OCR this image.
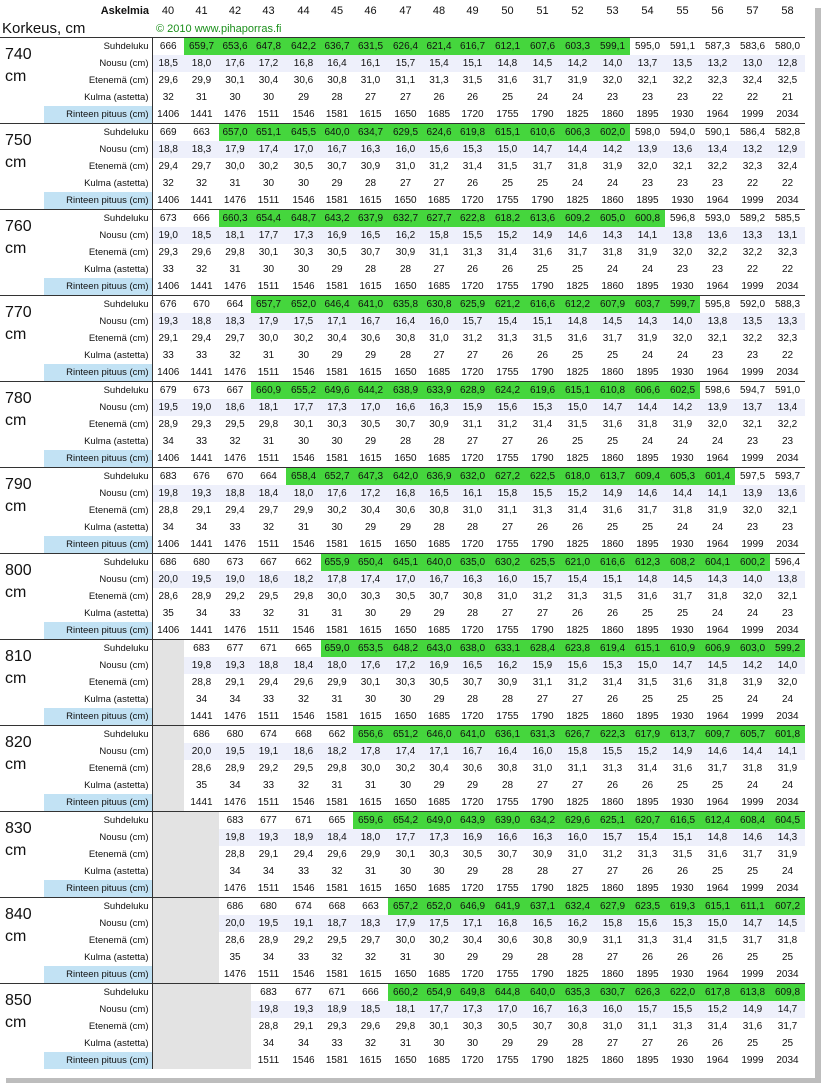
Askelmia		40	41	42	43	44	45	46	47	48	49	50	51	52	53	54	55	56	57	58
Korkeus, cm		© 2010 www.pihaporras.fi																		

740
cm	Suhdeluku	666	659,7	653,6	647,8	642,2	636,7	631,5	626,4	621,4	616,7	612,1	607,6	603,3	599,1	595,0	591,1	587,3	583,6	580,0
	Nousu (cm)	18,5	18,0	17,6	17,2	16,8	16,4	16,1	15,7	15,4	15,1	14,8	14,5	14,2	14,0	13,7	13,5	13,2	13,0	12,8
	Etenemä (cm)	29,6	29,9	30,1	30,4	30,6	30,8	31,0	31,1	31,3	31,5	31,6	31,7	31,9	32,0	32,1	32,2	32,3	32,4	32,5
	Kulma (astetta)	32	31	30	30	29	28	27	27	26	26	25	24	24	23	23	23	22	22	21
	Rinteen pituus (cm)	1406	1441	1476	1511	1546	1581	1615	1650	1685	1720	1755	1790	1825	1860	1895	1930	1964	1999	2034

750
cm	Suhdeluku	669	663	657,0	651,1	645,5	640,0	634,7	629,5	624,6	619,8	615,1	610,6	606,3	602,0	598,0	594,0	590,1	586,4	582,8
	Nousu (cm)	18,8	18,3	17,9	17,4	17,0	16,7	16,3	16,0	15,6	15,3	15,0	14,7	14,4	14,2	13,9	13,6	13,4	13,2	12,9
	Etenemä (cm)	29,4	29,7	30,0	30,2	30,5	30,7	30,9	31,0	31,2	31,4	31,5	31,7	31,8	31,9	32,0	32,1	32,2	32,3	32,4
	Kulma (astetta)	32	32	31	30	30	29	28	27	27	26	25	25	24	24	23	23	23	22	22
	Rinteen pituus (cm)	1406	1441	1476	1511	1546	1581	1615	1650	1685	1720	1755	1790	1825	1860	1895	1930	1964	1999	2034

760
cm	Suhdeluku	673	666	660,3	654,4	648,7	643,2	637,9	632,7	627,7	622,8	618,2	613,6	609,2	605,0	600,8	596,8	593,0	589,2	585,5
	Nousu (cm)	19,0	18,5	18,1	17,7	17,3	16,9	16,5	16,2	15,8	15,5	15,2	14,9	14,6	14,3	14,1	13,8	13,6	13,3	13,1
	Etenemä (cm)	29,3	29,6	29,8	30,1	30,3	30,5	30,7	30,9	31,1	31,3	31,4	31,6	31,7	31,8	31,9	32,0	32,2	32,2	32,3
	Kulma (astetta)	33	32	31	30	30	29	28	28	27	26	26	25	25	24	24	23	23	22	22
	Rinteen pituus (cm)	1406	1441	1476	1511	1546	1581	1615	1650	1685	1720	1755	1790	1825	1860	1895	1930	1964	1999	2034

770
cm	Suhdeluku	676	670	664	657,7	652,0	646,4	641,0	635,8	630,8	625,9	621,2	616,6	612,2	607,9	603,7	599,7	595,8	592,0	588,3
	Nousu (cm)	19,3	18,8	18,3	17,9	17,5	17,1	16,7	16,4	16,0	15,7	15,4	15,1	14,8	14,5	14,3	14,0	13,8	13,5	13,3
	Etenemä (cm)	29,1	29,4	29,7	30,0	30,2	30,4	30,6	30,8	31,0	31,2	31,3	31,5	31,6	31,7	31,9	32,0	32,1	32,2	32,3
	Kulma (astetta)	33	33	32	31	30	29	29	28	27	27	26	26	25	25	24	24	23	23	22
	Rinteen pituus (cm)	1406	1441	1476	1511	1546	1581	1615	1650	1685	1720	1755	1790	1825	1860	1895	1930	1964	1999	2034

780
cm	Suhdeluku	679	673	667	660,9	655,2	649,6	644,2	638,9	633,9	628,9	624,2	619,6	615,1	610,8	606,6	602,5	598,6	594,7	591,0
	Nousu (cm)	19,5	19,0	18,6	18,1	17,7	17,3	17,0	16,6	16,3	15,9	15,6	15,3	15,0	14,7	14,4	14,2	13,9	13,7	13,4
	Etenemä (cm)	28,9	29,3	29,5	29,8	30,1	30,3	30,5	30,7	30,9	31,1	31,2	31,4	31,5	31,6	31,8	31,9	32,0	32,1	32,2
	Kulma (astetta)	34	33	32	31	30	30	29	28	28	27	27	26	25	25	24	24	24	23	23
	Rinteen pituus (cm)	1406	1441	1476	1511	1546	1581	1615	1650	1685	1720	1755	1790	1825	1860	1895	1930	1964	1999	2034

790
cm	Suhdeluku	683	676	670	664	658,4	652,7	647,3	642,0	636,9	632,0	627,2	622,5	618,0	613,7	609,4	605,3	601,4	597,5	593,7
	Nousu (cm)	19,8	19,3	18,8	18,4	18,0	17,6	17,2	16,8	16,5	16,1	15,8	15,5	15,2	14,9	14,6	14,4	14,1	13,9	13,6
	Etenemä (cm)	28,8	29,1	29,4	29,7	29,9	30,2	30,4	30,6	30,8	31,0	31,1	31,3	31,4	31,6	31,7	31,8	31,9	32,0	32,1
	Kulma (astetta)	34	34	33	32	31	30	29	29	28	28	27	26	26	25	25	24	24	23	23
	Rinteen pituus (cm)	1406	1441	1476	1511	1546	1581	1615	1650	1685	1720	1755	1790	1825	1860	1895	1930	1964	1999	2034

800
cm	Suhdeluku	686	680	673	667	662	655,9	650,4	645,1	640,0	635,0	630,2	625,5	621,0	616,6	612,3	608,2	604,1	600,2	596,4
	Nousu (cm)	20,0	19,5	19,0	18,6	18,2	17,8	17,4	17,0	16,7	16,3	16,0	15,7	15,4	15,1	14,8	14,5	14,3	14,0	13,8
	Etenemä (cm)	28,6	28,9	29,2	29,5	29,8	30,0	30,3	30,5	30,7	30,8	31,0	31,2	31,3	31,5	31,6	31,7	31,8	32,0	32,1
	Kulma (astetta)	35	34	33	32	31	31	30	29	29	28	27	27	26	26	25	25	24	24	23
	Rinteen pituus (cm)	1406	1441	1476	1511	1546	1581	1615	1650	1685	1720	1755	1790	1825	1860	1895	1930	1964	1999	2034

810
cm	Suhdeluku		683	677	671	665	659,0	653,5	648,2	643,0	638,0	633,1	628,4	623,8	619,4	615,1	610,9	606,9	603,0	599,2
	Nousu (cm)		19,8	19,3	18,8	18,4	18,0	17,6	17,2	16,9	16,5	16,2	15,9	15,6	15,3	15,0	14,7	14,5	14,2	14,0
	Etenemä (cm)		28,8	29,1	29,4	29,6	29,9	30,1	30,3	30,5	30,7	30,9	31,1	31,2	31,4	31,5	31,6	31,8	31,9	32,0
	Kulma (astetta)		34	34	33	32	31	30	30	29	28	28	27	27	26	25	25	25	24	24
	Rinteen pituus (cm)		1441	1476	1511	1546	1581	1615	1650	1685	1720	1755	1790	1825	1860	1895	1930	1964	1999	2034

820
cm	Suhdeluku		686	680	674	668	662	656,6	651,2	646,0	641,0	636,1	631,3	626,7	622,3	617,9	613,7	609,7	605,7	601,8
	Nousu (cm)		20,0	19,5	19,1	18,6	18,2	17,8	17,4	17,1	16,7	16,4	16,0	15,8	15,5	15,2	14,9	14,6	14,4	14,1
	Etenemä (cm)		28,6	28,9	29,2	29,5	29,8	30,0	30,2	30,4	30,6	30,8	31,0	31,1	31,3	31,4	31,6	31,7	31,8	31,9
	Kulma (astetta)		35	34	33	32	31	31	30	29	29	28	27	27	26	26	25	25	24	24
	Rinteen pituus (cm)		1441	1476	1511	1546	1581	1615	1650	1685	1720	1755	1790	1825	1860	1895	1930	1964	1999	2034

830
cm	Suhdeluku			683	677	671	665	659,6	654,2	649,0	643,9	639,0	634,2	629,6	625,1	620,7	616,5	612,4	608,4	604,5
	Nousu (cm)			19,8	19,3	18,9	18,4	18,0	17,7	17,3	16,9	16,6	16,3	16,0	15,7	15,4	15,1	14,8	14,6	14,3
	Etenemä (cm)			28,8	29,1	29,4	29,6	29,9	30,1	30,3	30,5	30,7	30,9	31,0	31,2	31,3	31,5	31,6	31,7	31,9
	Kulma (astetta)			34	34	33	32	31	30	30	29	28	28	27	27	26	26	25	25	24
	Rinteen pituus (cm)			1476	1511	1546	1581	1615	1650	1685	1720	1755	1790	1825	1860	1895	1930	1964	1999	2034

840
cm	Suhdeluku			686	680	674	668	663	657,2	652,0	646,9	641,9	637,1	632,4	627,9	623,5	619,3	615,1	611,1	607,2
	Nousu (cm)			20,0	19,5	19,1	18,7	18,3	17,9	17,5	17,1	16,8	16,5	16,2	15,8	15,6	15,3	15,0	14,7	14,5
	Etenemä (cm)			28,6	28,9	29,2	29,5	29,7	30,0	30,2	30,4	30,6	30,8	30,9	31,1	31,3	31,4	31,5	31,7	31,8
	Kulma (astetta)			35	34	33	32	32	31	30	29	29	28	28	27	26	26	26	25	25
	Rinteen pituus (cm)			1476	1511	1546	1581	1615	1650	1685	1720	1755	1790	1825	1860	1895	1930	1964	1999	2034

850
cm	Suhdeluku				683	677	671	666	660,2	654,9	649,8	644,8	640,0	635,3	630,7	626,3	622,0	617,8	613,8	609,8
	Nousu (cm)				19,8	19,3	18,9	18,5	18,1	17,7	17,3	17,0	16,7	16,3	16,0	15,7	15,5	15,2	14,9	14,7
	Etenemä (cm)				28,8	29,1	29,3	29,6	29,8	30,1	30,3	30,5	30,7	30,8	31,0	31,1	31,3	31,4	31,6	31,7
	Kulma (astetta)				34	34	33	32	31	30	30	29	29	28	27	27	26	26	25	25
	Rinteen pituus (cm)				1511	1546	1581	1615	1650	1685	1720	1755	1790	1825	1860	1895	1930	1964	1999	2034
